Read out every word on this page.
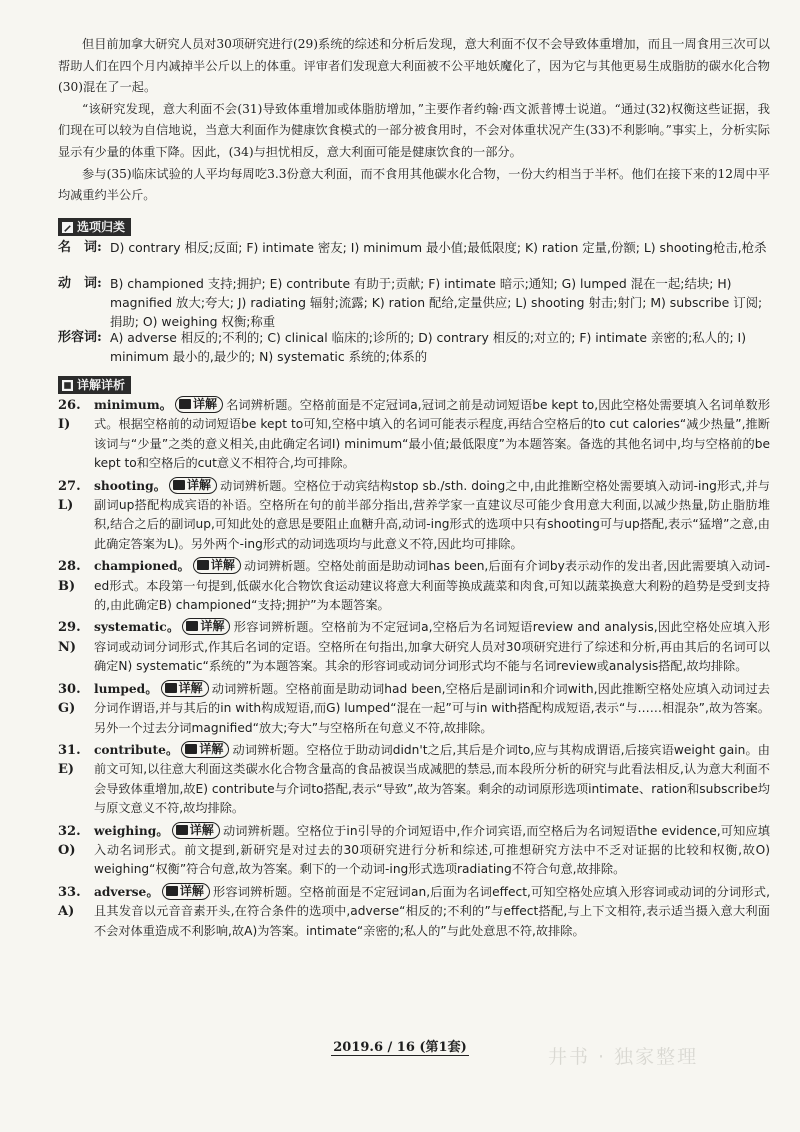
但目前加拿大研究人员对30项研究进行(29)系统的综述和分析后发现，意大利面不仅不会导致体重增加，而且一周食用三次可以帮助人们在四个月内减掉半公斤以上的体重。评审者们发现意大利面被不公平地妖魔化了，因为它与其他更易生成脂肪的碳水化合物(30)混在了一起。

“该研究发现，意大利面不会(31)导致体重增加或体脂肪增加，”主要作者约翰·西文派普博士说道。“通过(32)权衡这些证据，我们现在可以较为自信地说，当意大利面作为健康饮食模式的一部分被食用时，不会对体重状况产生(33)不利影响。”事实上，分析实际显示有少量的体重下降。因此，(34)与担忧相反，意大利面可能是健康饮食的一部分。

参与(35)临床试验的人平均每周吃3.3份意大利面，而不食用其他碳水化合物，一份大约相当于半杯。他们在接下来的12周中平均减重约半公斤。

选项归类
名　词: D) contrary 相反;反面; F) intimate 密友; I) minimum 最小值;最低限度; K) ration 定量,份额; L) shooting枪击,枪杀
动　词: B) championed 支持;拥护; E) contribute 有助于;贡献; F) intimate 暗示;通知; G) lumped 混在一起;结块; H) magnified 放大;夸大; J) radiating 辐射;流露; K) ration 配给,定量供应; L) shooting 射击;射门; M) subscribe 订阅;捐助; O) weighing 权衡;称重
形容词: A) adverse 相反的;不利的; C) clinical 临床的;诊所的; D) contrary 相反的;对立的; F) intimate 亲密的;私人的; I) minimum 最小的,最少的; N) systematic 系统的;体系的
详解详析
26. I)
minimum。 详解 名词辨析题。空格前面是不定冠词a,冠词之前是动词短语be kept to,因此空格处需要填入名词单数形式。根据空格前的动词短语be kept to可知,空格中填入的名词可能表示程度,再结合空格后的to cut calories“减少热量”,推断该词与“少量”之类的意义相关,由此确定名词I) minimum“最小值;最低限度”为本题答案。备选的其他名词中,均与空格前的be kept to和空格后的cut意义不相符合,均可排除。
27. L)
shooting。 详解 动词辨析题。空格位于动宾结构stop sb./sth. doing之中,由此推断空格处需要填入动词-ing形式,并与副词up搭配构成宾语的补语。空格所在句的前半部分指出,营养学家一直建议尽可能少食用意大利面,以减少热量,防止脂肪堆积,结合之后的副词up,可知此处的意思是要阻止血糖升高,动词-ing形式的选项中只有shooting可与up搭配,表示“猛增”之意,由此确定答案为L)。另外两个-ing形式的动词选项均与此意义不符,因此均可排除。
28. B)
championed。 详解 动词辨析题。空格处前面是助动词has been,后面有介词by表示动作的发出者,因此需要填入动词-ed形式。本段第一句提到,低碳水化合物饮食运动建议将意大利面等换成蔬菜和肉食,可知以蔬菜换意大利粉的趋势是受到支持的,由此确定B) championed“支持;拥护”为本题答案。
29. N)
systematic。 详解 形容词辨析题。空格前为不定冠词a,空格后为名词短语review and analysis,因此空格处应填入形容词或动词分词形式,作其后名词的定语。空格所在句指出,加拿大研究人员对30项研究进行了综述和分析,再由其后的名词可以确定N) systematic“系统的”为本题答案。其余的形容词或动词分词形式均不能与名词review或analysis搭配,故均排除。
30. G)
lumped。 详解 动词辨析题。空格前面是助动词had been,空格后是副词in和介词with,因此推断空格处应填入动词过去分词作谓语,并与其后的in with构成短语,而G) lumped“混在一起”可与in with搭配构成短语,表示“与……相混杂”,故为答案。另外一个过去分词magnified“放大;夸大”与空格所在句意义不符,故排除。
31. E)
contribute。 详解 动词辨析题。空格位于助动词didn't之后,其后是介词to,应与其构成谓语,后接宾语weight gain。由前文可知,以往意大利面这类碳水化合物含量高的食品被误当成减肥的禁忌,而本段所分析的研究与此看法相反,认为意大利面不会导致体重增加,故E) contribute与介词to搭配,表示“导致”,故为答案。剩余的动词原形选项intimate、ration和subscribe均与原文意义不符,故均排除。
32. O)
weighing。 详解 动词辨析题。空格位于in引导的介词短语中,作介词宾语,而空格后为名词短语the evidence,可知应填入动名词形式。前文提到,新研究是对过去的30项研究进行分析和综述,可推想研究方法中不乏对证据的比较和权衡,故O) weighing“权衡”符合句意,故为答案。剩下的一个动词-ing形式选项radiating不符合句意,故排除。
33. A)
adverse。 详解 形容词辨析题。空格前面是不定冠词an,后面为名词effect,可知空格处应填入形容词或动词的分词形式,且其发音以元音音素开头,在符合条件的选项中,adverse“相反的;不利的”与effect搭配,与上下文相符,表示适当摄入意大利面不会对体重造成不利影响,故A)为答案。intimate“亲密的;私人的”与此处意思不符,故排除。
井书 · 独家整理
2019.6 / 16 (第1套)
